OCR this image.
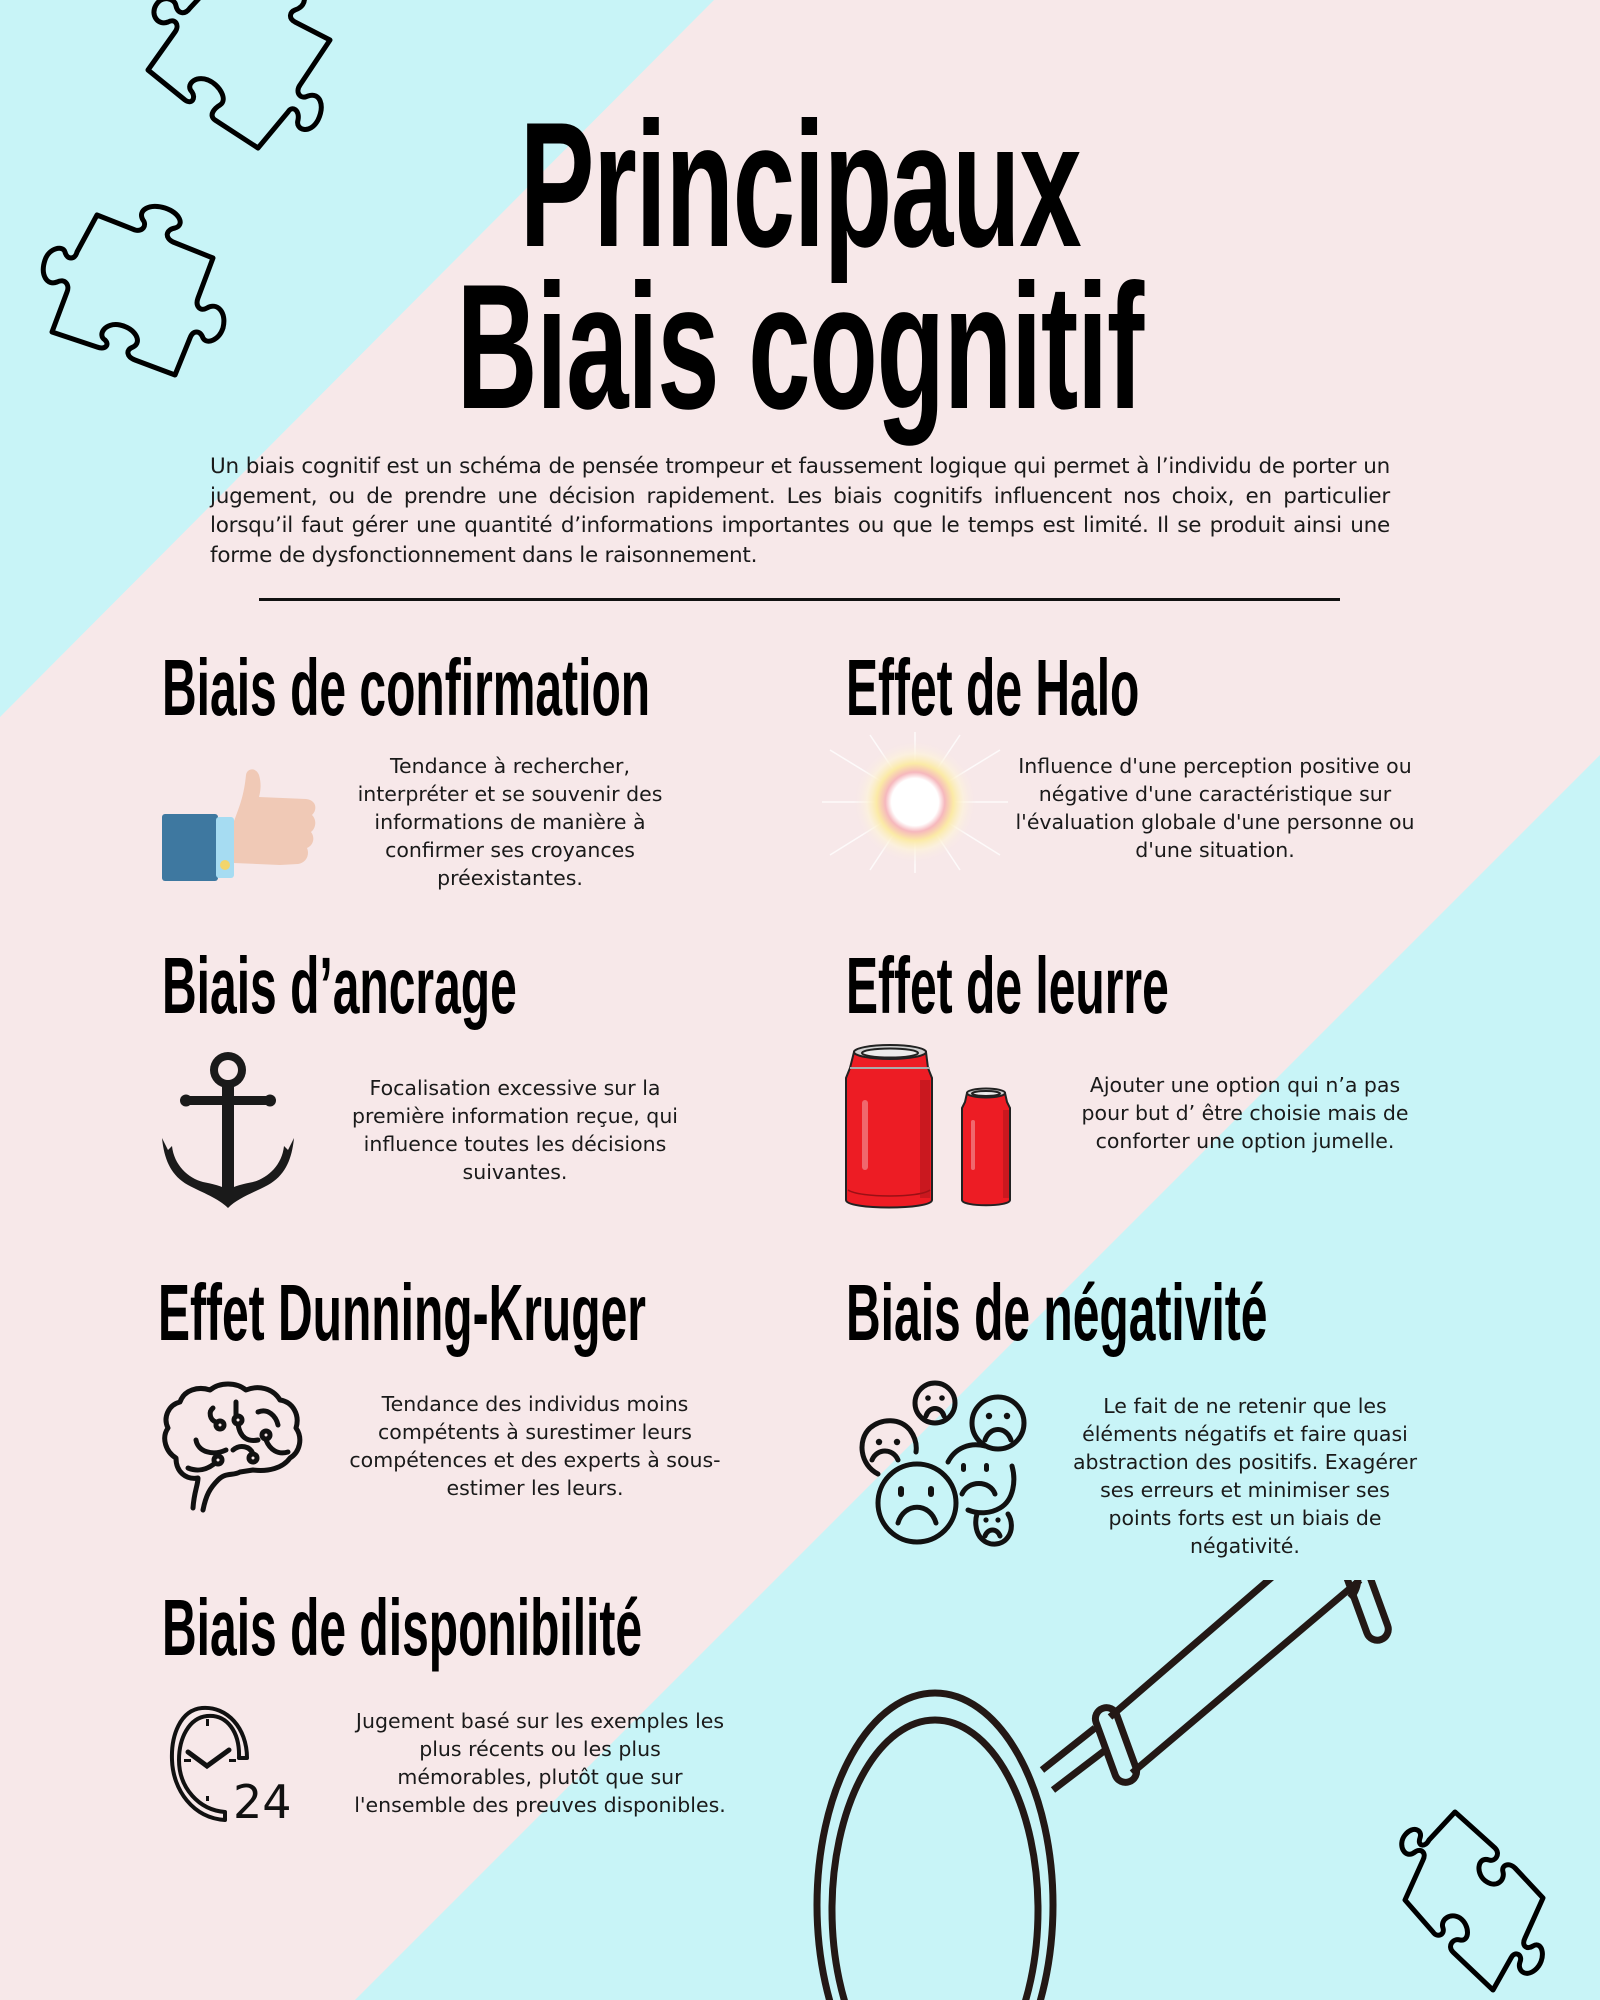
Principaux
Biais cognitif
Un biais cognitif est un schéma de pensée trompeur et faussement logique qui permet à l’individu de porter un jugement, ou de prendre une décision rapidement. Les biais cognitifs influencent nos choix, en particulier lorsqu’il faut gérer une quantité d’informations importantes ou que le temps est limité. Il se produit ainsi une forme de dysfonctionnement dans le raisonnement.
Biais de confirmation
Tendance à rechercher,
interpréter et se souvenir des
informations de manière à
confirmer ses croyances
préexistantes.
Effet de Halo
Influence d'une perception positive ou
négative d'une caractéristique sur
l'évaluation globale d'une personne ou
d'une situation.
Biais d’ancrage
Focalisation excessive sur la
première information reçue, qui
influence toutes les décisions
suivantes.
Effet de leurre
Ajouter une option qui n’a pas
pour but d’ être choisie mais de
conforter une option jumelle.
Effet Dunning-Kruger
Tendance des individus moins
compétents à surestimer leurs
compétences et des experts à sous-
estimer les leurs.
Biais de négativité
Le fait de ne retenir que les
éléments négatifs et faire quasi
abstraction des positifs. Exagérer
ses erreurs et minimiser ses
points forts est un biais de
négativité.
Biais de disponibilité
24
Jugement basé sur les exemples les
plus récents ou les plus
mémorables, plutôt que sur
l'ensemble des preuves disponibles.
